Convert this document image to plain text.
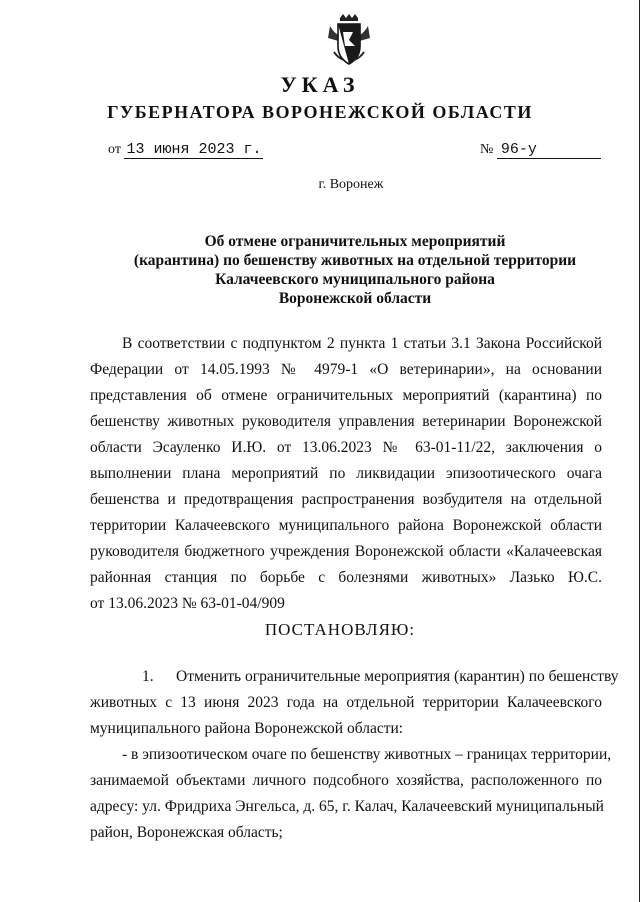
УКАЗ
ГУБЕРНАТОРА ВОРОНЕЖСКОЙ ОБЛАСТИ
от 13 июня 2023 г.	№ 96-у
г. Воронеж
Об отмене ограничительных мероприятий
(карантина) по бешенству животных на отдельной территории
Калачеевского муниципального района
Воронежской области
В соответствии с подпунктом 2 пункта 1 статьи 3.1 Закона Российской
Федерации от 14.05.1993 № 4979-1 «О ветеринарии», на основании
представления об отмене ограничительных мероприятий (карантина) по
бешенству животных руководителя управления ветеринарии Воронежской
области Эсауленко И.Ю. от 13.06.2023 № 63-01-11/22, заключения о
выполнении плана мероприятий по ликвидации эпизоотического очага
бешенства и предотвращения распространения возбудителя на отдельной
территории Калачеевского муниципального района Воронежской области
руководителя бюджетного учреждения Воронежской области «Калачеевская
районная станция по борьбе с болезнями животных» Лазько Ю.С.
от 13.06.2023 № 63-01-04/909
ПОСТАНОВЛЯЮ:
1. Отменить ограничительные мероприятия (карантин) по бешенству
животных с 13 июня 2023 года на отдельной территории Калачеевского
муниципального района Воронежской области:
- в эпизоотическом очаге по бешенству животных – границах территории,
занимаемой объектами личного подсобного хозяйства, расположенного по
адресу: ул. Фридриха Энгельса, д. 65, г. Калач, Калачеевский муниципальный
район, Воронежская область;
